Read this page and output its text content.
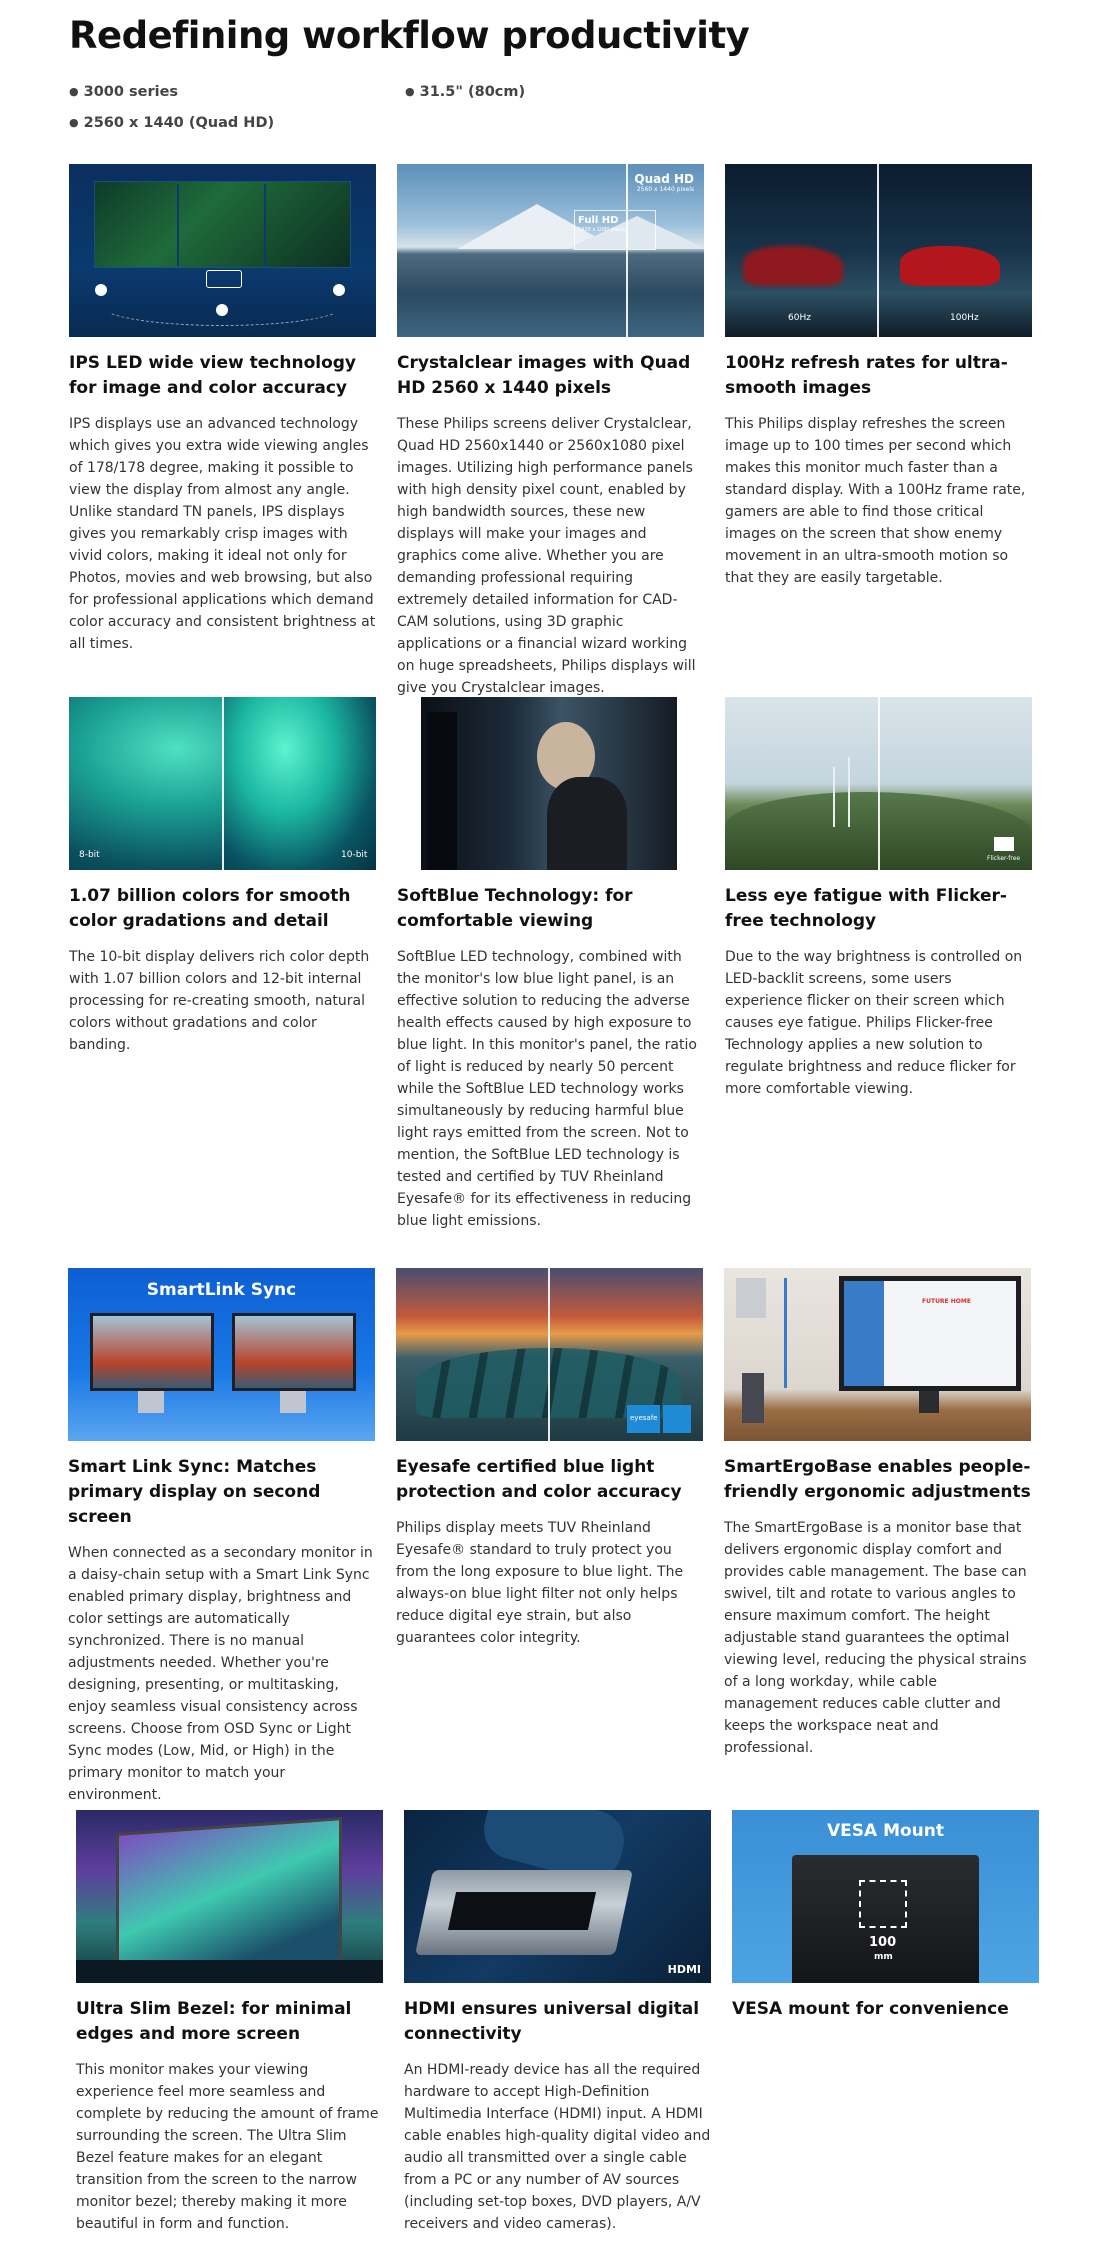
Redefining workflow productivity
● 3000 series
●	31.5" (80cm)
● 2560 x 1440 (Quad HD)
IPS LED wide view technology for image and color accuracy

IPS displays use an advanced technology which gives you extra wide viewing angles of 178/178 degree, making it possible to view the display from almost any angle. Unlike standard TN panels, IPS displays gives you remarkably crisp images with vivid colors, making it ideal not only for Photos, movies and web browsing, but also for professional applications which demand color accuracy and consistent brightness at all times.

Quad HD
2560 x 1440 pixels
Full HD
1920 x 1080 pixels
Crystalclear images with Quad HD 2560 x 1440 pixels

These Philips screens deliver Crystalclear, Quad HD 2560x1440 or 2560x1080 pixel images. Utilizing high performance panels with high density pixel count, enabled by high bandwidth sources, these new displays will make your images and graphics come alive. Whether you are demanding professional requiring extremely detailed information for CAD-CAM solutions, using 3D graphic applications or a financial wizard working on huge spreadsheets, Philips displays will give you Crystalclear images.

60Hz	100Hz
100Hz refresh rates for ultra-smooth images

This Philips display refreshes the screen image up to 100 times per second which makes this monitor much faster than a standard display. With a 100Hz frame rate, gamers are able to find those critical images on the screen that show enemy movement in an ultra-smooth motion so that they are easily targetable.

8-bit	10-bit
1.07 billion colors for smooth color gradations and detail

The 10-bit display delivers rich color depth with 1.07 billion colors and 12-bit internal processing for re-creating smooth, natural colors without gradations and color banding.

SoftBlue Technology: for comfortable viewing

SoftBlue LED technology, combined with the monitor's low blue light panel, is an effective solution to reducing the adverse health effects caused by high exposure to blue light. In this monitor's panel, the ratio of light is reduced by nearly 50 percent while the SoftBlue LED technology works simultaneously by reducing harmful blue light rays emitted from the screen. Not to mention, the SoftBlue LED technology is tested and certified by TUV Rheinland Eyesafe® for its effectiveness in reducing blue light emissions.

Flicker-free
Less eye fatigue with Flicker-free technology

Due to the way brightness is controlled on LED-backlit screens, some users experience flicker on their screen which causes eye fatigue. Philips Flicker-free Technology applies a new solution to regulate brightness and reduce flicker for more comfortable viewing.

SmartLink Sync
Smart Link Sync: Matches primary display on second screen

When connected as a secondary monitor in a daisy-chain setup with a Smart Link Sync enabled primary display, brightness and color settings are automatically synchronized. There is no manual adjustments needed. Whether you're designing, presenting, or multitasking, enjoy seamless visual consistency across screens. Choose from OSD Sync or Light Sync modes (Low, Mid, or High) in the primary monitor to match your environment.

eyesafe
Eyesafe certified blue light protection and color accuracy

Philips display meets TUV Rheinland Eyesafe® standard to truly protect you from the long exposure to blue light. The always-on blue light filter not only helps reduce digital eye strain, but also guarantees color integrity.

FUTURE HOME
SmartErgoBase enables people-friendly ergonomic adjustments

The SmartErgoBase is a monitor base that delivers ergonomic display comfort and provides cable management. The base can swivel, tilt and rotate to various angles to ensure maximum comfort. The height adjustable stand guarantees the optimal viewing level, reducing the physical strains of a long workday, while cable management reduces cable clutter and keeps the workspace neat and professional.

Ultra Slim Bezel: for minimal edges and more screen

This monitor makes your viewing experience feel more seamless and complete by reducing the amount of frame surrounding the screen. The Ultra Slim Bezel feature makes for an elegant transition from the screen to the narrow monitor bezel; thereby making it more beautiful in form and function.

HDMI
HDMI ensures universal digital connectivity

An HDMI-ready device has all the required hardware to accept High-Definition Multimedia Interface (HDMI) input. A HDMI cable enables high-quality digital video and audio all transmitted over a single cable from a PC or any number of AV sources (including set-top boxes, DVD players, A/V receivers and video cameras).

VESA Mount
100
mm
VESA mount for convenience
